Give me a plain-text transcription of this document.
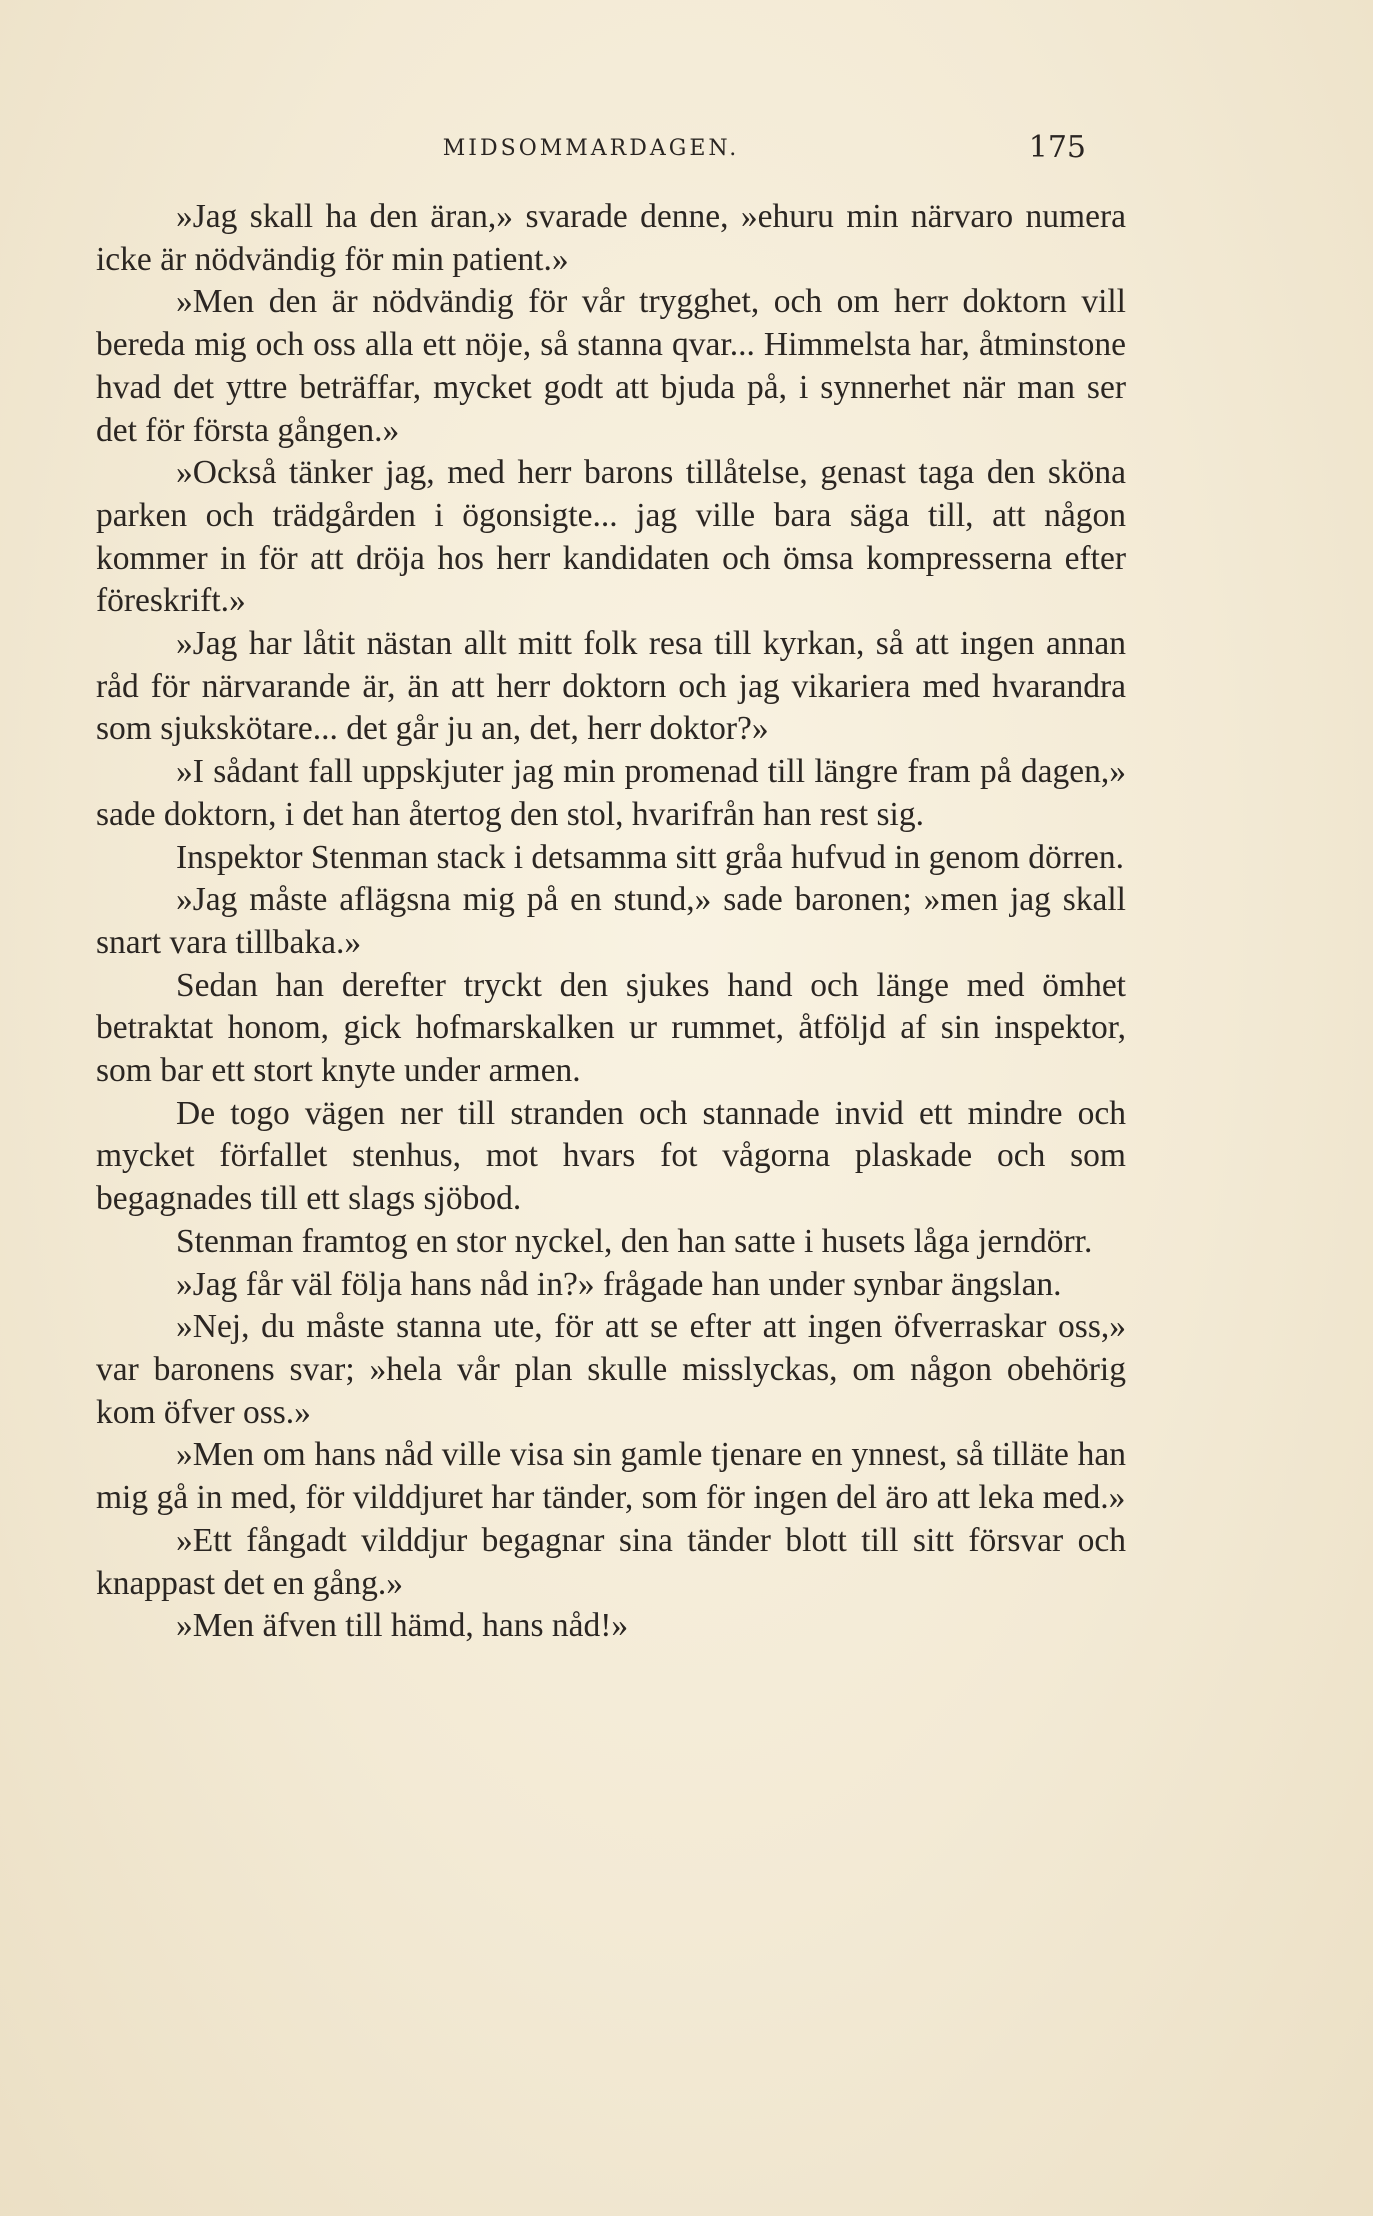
MIDSOMMARDAGEN.	175

»Jag skall ha den äran,» svarade denne, »ehuru min närvaro numera icke är nödvändig för min patient.»

»Men den är nödvändig för vår trygghet, och om herr doktorn vill bereda mig och oss alla ett nöje, så stanna qvar... Himmelsta har, åtminstone hvad det yttre beträffar, mycket godt att bjuda på, i synnerhet när man ser det för första gången.»

»Också tänker jag, med herr barons tillåtelse, genast taga den sköna parken och trädgården i ögonsigte... jag ville bara säga till, att någon kommer in för att dröja hos herr kandidaten och ömsa kompresserna efter föreskrift.»

»Jag har låtit nästan allt mitt folk resa till kyrkan, så att ingen annan råd för närvarande är, än att herr doktorn och jag vikariera med hvarandra som sjukskötare... det går ju an, det, herr doktor?»

»I sådant fall uppskjuter jag min promenad till längre fram på dagen,» sade doktorn, i det han återtog den stol, hvarifrån han rest sig.

Inspektor Stenman stack i detsamma sitt gråa hufvud in genom dörren.

»Jag måste aflägsna mig på en stund,» sade baronen; »men jag skall snart vara tillbaka.»

Sedan han derefter tryckt den sjukes hand och länge med ömhet betraktat honom, gick hofmarskalken ur rummet, åtföljd af sin inspektor, som bar ett stort knyte under armen.

De togo vägen ner till stranden och stannade invid ett mindre och mycket förfallet stenhus, mot hvars fot vågorna plaskade och som begagnades till ett slags sjöbod.

Stenman framtog en stor nyckel, den han satte i husets låga jerndörr.

»Jag får väl följa hans nåd in?» frågade han under synbar ängslan.

»Nej, du måste stanna ute, för att se efter att ingen öfverraskar oss,» var baronens svar; »hela vår plan skulle misslyckas, om någon obehörig kom öfver oss.»

»Men om hans nåd ville visa sin gamle tjenare en ynnest, så tilläte han mig gå in med, för vilddjuret har tänder, som för ingen del äro att leka med.»

»Ett fångadt vilddjur begagnar sina tänder blott till sitt försvar och knappast det en gång.»

»Men äfven till hämd, hans nåd!»
